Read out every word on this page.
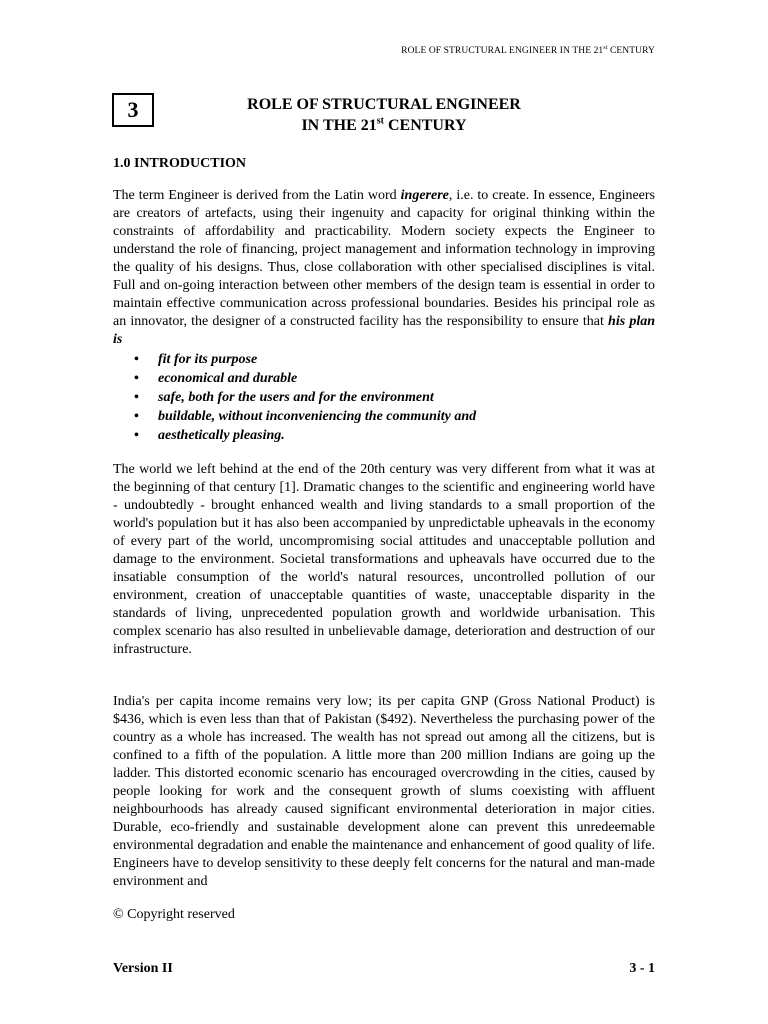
ROLE OF STRUCTURAL ENGINEER IN THE 21st CENTURY
3	ROLE OF STRUCTURAL ENGINEER
IN THE 21st CENTURY
1.0 INTRODUCTION
The term Engineer is derived from the Latin word ingerere, i.e. to create. In essence, Engineers are creators of artefacts, using their ingenuity and capacity for original thinking within the constraints of affordability and practicability. Modern society expects the Engineer to understand the role of financing, project management and information technology in improving the quality of his designs. Thus, close collaboration with other specialised disciplines is vital. Full and on-going interaction between other members of the design team is essential in order to maintain effective communication across professional boundaries. Besides his principal role as an innovator, the designer of a constructed facility has the responsibility to ensure that his plan is
• fit for its purpose
• economical and durable
• safe, both for the users and for the environment
• buildable, without inconveniencing the community and
• aesthetically pleasing.
The world we left behind at the end of the 20th century was very different from what it was at the beginning of that century [1]. Dramatic changes to the scientific and engineering world have - undoubtedly - brought enhanced wealth and living standards to a small proportion of the world's population but it has also been accompanied by unpredictable upheavals in the economy of every part of the world, uncompromising social attitudes and unacceptable pollution and damage to the environment. Societal transformations and upheavals have occurred due to the insatiable consumption of the world's natural resources, uncontrolled pollution of our environment, creation of unacceptable quantities of waste, unacceptable disparity in the standards of living, unprecedented population growth and worldwide urbanisation. This complex scenario has also resulted in unbelievable damage, deterioration and destruction of our infrastructure.
India's per capita income remains very low; its per capita GNP (Gross National Product) is $436, which is even less than that of Pakistan ($492). Nevertheless the purchasing power of the country as a whole has increased. The wealth has not spread out among all the citizens, but is confined to a fifth of the population. A little more than 200 million Indians are going up the ladder. This distorted economic scenario has encouraged overcrowding in the cities, caused by people looking for work and the consequent growth of slums coexisting with affluent neighbourhoods has already caused significant environmental deterioration in major cities. Durable, eco-friendly and sustainable development alone can prevent this unredeemable environmental degradation and enable the maintenance and enhancement of good quality of life. Engineers have to develop sensitivity to these deeply felt concerns for the natural and man-made environment and
© Copyright reserved
Version II	3 - 1
